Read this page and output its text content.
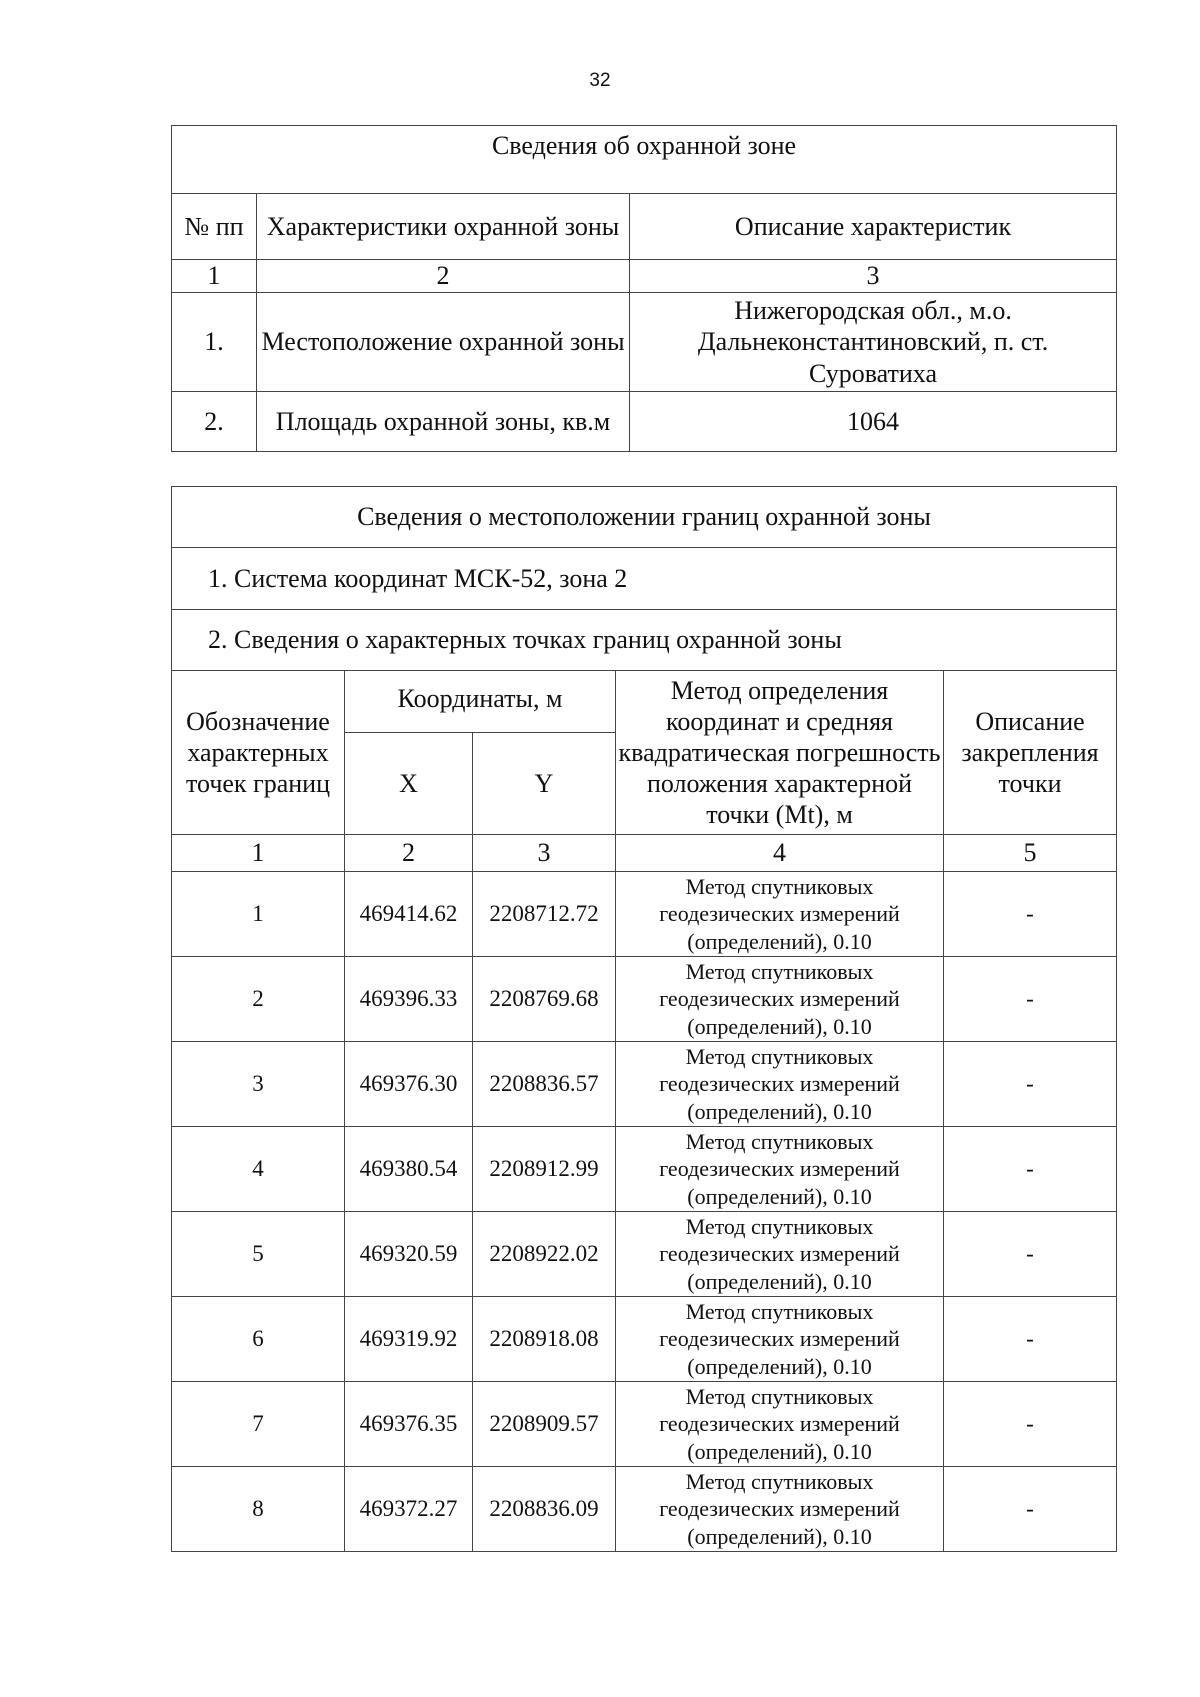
32
Сведения об охранной зоне		
№ пп	Характеристики охранной зоны	Описание характеристик
1	2	3
1.	Местоположение охранной зоны	Нижегородская обл., м.о. Дальнеконстантиновский, п. ст. Суроватиха
2.	Площадь охранной зоны, кв.м	1064
Сведения о местоположении границ охранной зоны				
1. Система координат МСК-52, зона 2				
2. Сведения о характерных точках границ охранной зоны				
Обозначение характерных точек границ	Координаты, м		Метод определения координат и средняя квадратическая погрешность положения характерной точки (Mt), м	Описание закрепления точки
	X	Y		
1	2	3	4	5
1	469414.62	2208712.72	Метод спутниковых геодезических измерений (определений), 0.10	-
2	469396.33	2208769.68	Метод спутниковых геодезических измерений (определений), 0.10	-
3	469376.30	2208836.57	Метод спутниковых геодезических измерений (определений), 0.10	-
4	469380.54	2208912.99	Метод спутниковых геодезических измерений (определений), 0.10	-
5	469320.59	2208922.02	Метод спутниковых геодезических измерений (определений), 0.10	-
6	469319.92	2208918.08	Метод спутниковых геодезических измерений (определений), 0.10	-
7	469376.35	2208909.57	Метод спутниковых геодезических измерений (определений), 0.10	-
8	469372.27	2208836.09	Метод спутниковых геодезических измерений (определений), 0.10	-
